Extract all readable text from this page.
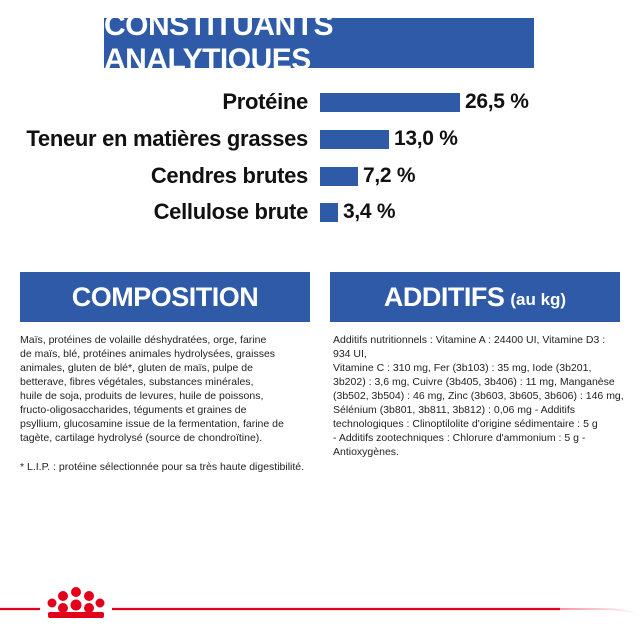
CONSTITUANTS ANALYTIQUES
Protéine	26,5 %
Teneur en matières grasses	13,0 %
Cendres brutes	7,2 %
Cellulose brute 3,4 %
COMPOSITION	ADDITIFS (au kg)
Maïs, protéines de volaille déshydratées, orge, farine
de maïs, blé, protéines animales hydrolysées, graisses
animales, gluten de blé*, gluten de maïs, pulpe de
betterave, fibres végétales, substances minérales,
huile de soja, produits de levures, huile de poissons,
fructo-oligosaccharides, téguments et graines de
psyllium, glucosamine issue de la fermentation, farine de
tagète, cartilage hydrolysé (source de chondroïtine).
* L.I.P. : protéine sélectionnée pour sa très haute digestibilité.
Additifs nutritionnels : Vitamine A : 24400 UI, Vitamine D3 : 934 UI,
Vitamine C : 310 mg, Fer (3b103) : 35 mg, Iode (3b201,
3b202) : 3,6 mg, Cuivre (3b405, 3b406) : 11 mg, Manganèse
(3b502, 3b504) : 46 mg, Zinc (3b603, 3b605, 3b606) : 146 mg,
Sélénium (3b801, 3b811, 3b812) : 0,06 mg - Additifs
technologiques : Clinoptilolite d'origine sédimentaire : 5 g
- Additifs zootechniques : Chlorure d'ammonium : 5 g -
Antioxygènes.
